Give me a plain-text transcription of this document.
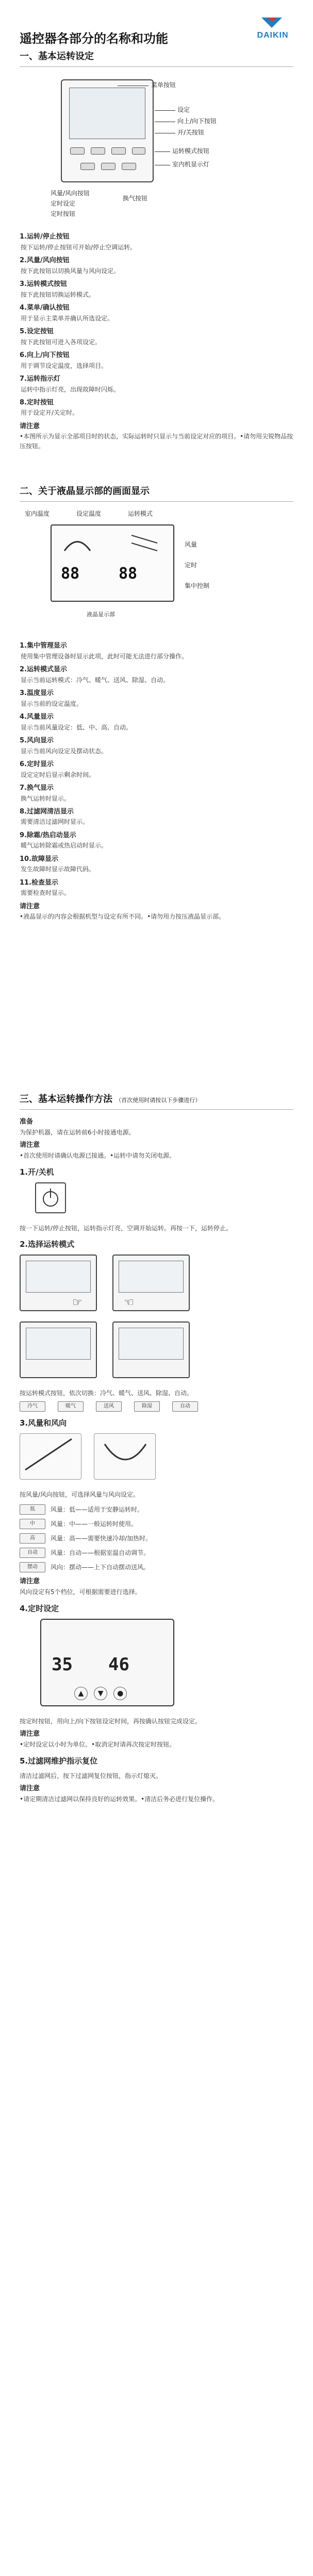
遥控器各部分的名称和功能	DAIKIN
一、基本运转设定
菜单按钮
设定
向上/向下按钮
开/关按钮
运转模式按钮
室内机显示灯
风量/风向按钮
定时设定
定时按钮
换气按钮
1.运转/停止按钮
按下运转/停止按钮可开始/停止空调运转。
2.风量/风向按钮
按下此按钮以切换风量与风向设定。
3.运转模式按钮
按下此按钮切换运转模式。
4.菜单/确认按钮
用于显示主菜单并确认所选设定。
5.设定按钮
按下此按钮可进入各项设定。
6.向上/向下按钮
用于调节设定温度，选择项目。
7.运转指示灯
运转中指示灯亮，出现故障时闪烁。
8.定时按钮
用于设定开/关定时。
请注意
•本图所示为显示全部项目时的状态，实际运转时只显示与当前设定对应的项目。•请勿用尖锐物品按压按钮。
二、关于液晶显示部的画面显示
室内温度	设定温度	运转模式
88	88
风量
定时
集中控制
液晶显示部
1.集中管理显示
使用集中管理设备时显示此项，此时可能无法进行部分操作。
2.运转模式显示
显示当前运转模式：冷气、暖气、送风、除湿、自动。
3.温度显示
显示当前的设定温度。
4.风量显示
显示当前风量设定：低、中、高、自动。
5.风向显示
显示当前风向设定及摆动状态。
6.定时显示
设定定时后显示剩余时间。
7.换气显示
换气运转时显示。
8.过滤网清洁显示
需要清洁过滤网时显示。
9.除霜/热启动显示
暖气运转除霜或热启动时显示。
10.故障显示
发生故障时显示故障代码。
11.检查显示
需要检查时显示。
请注意
•液晶显示的内容会根据机型与设定有所不同。•请勿用力按压液晶显示部。
三、基本运转操作方法 （首次使用时请按以下步骤进行）
准备
为保护机器，请在运转前6小时接通电源。
请注意
•首次使用时请确认电源已接通。•运转中请勿关闭电源。
1.开/关机
按一下运转/停止按钮，运转指示灯亮，空调开始运转。再按一下，运转停止。
2.选择运转模式
☞
	☜

按运转模式按钮，依次切换：冷气、暖气、送风、除湿、自动。
冷气	暖气	送风	除湿	自动
3.风量和风向

按风量/风向按钮，可选择风量与风向设定。
低	风量：低——适用于安静运转时。
中	风量：中——一般运转时使用。
高	风量：高——需要快速冷却/加热时。
自动	风量：自动——根据室温自动调节。
摆动	风向：摆动——上下自动摆动送风。
请注意
风向设定有5个档位，可根据需要进行选择。
4.定时设定
35 46
▲ ▼ ●
按定时按钮，用向上/向下按钮设定时间，再按确认按钮完成设定。
请注意
•定时设定以小时为单位。•取消定时请再次按定时按钮。
5.过滤网维护指示复位
清洁过滤网后，按下过滤网复位按钮，指示灯熄灭。
请注意
•请定期清洁过滤网以保持良好的运转效果。•清洁后务必进行复位操作。
